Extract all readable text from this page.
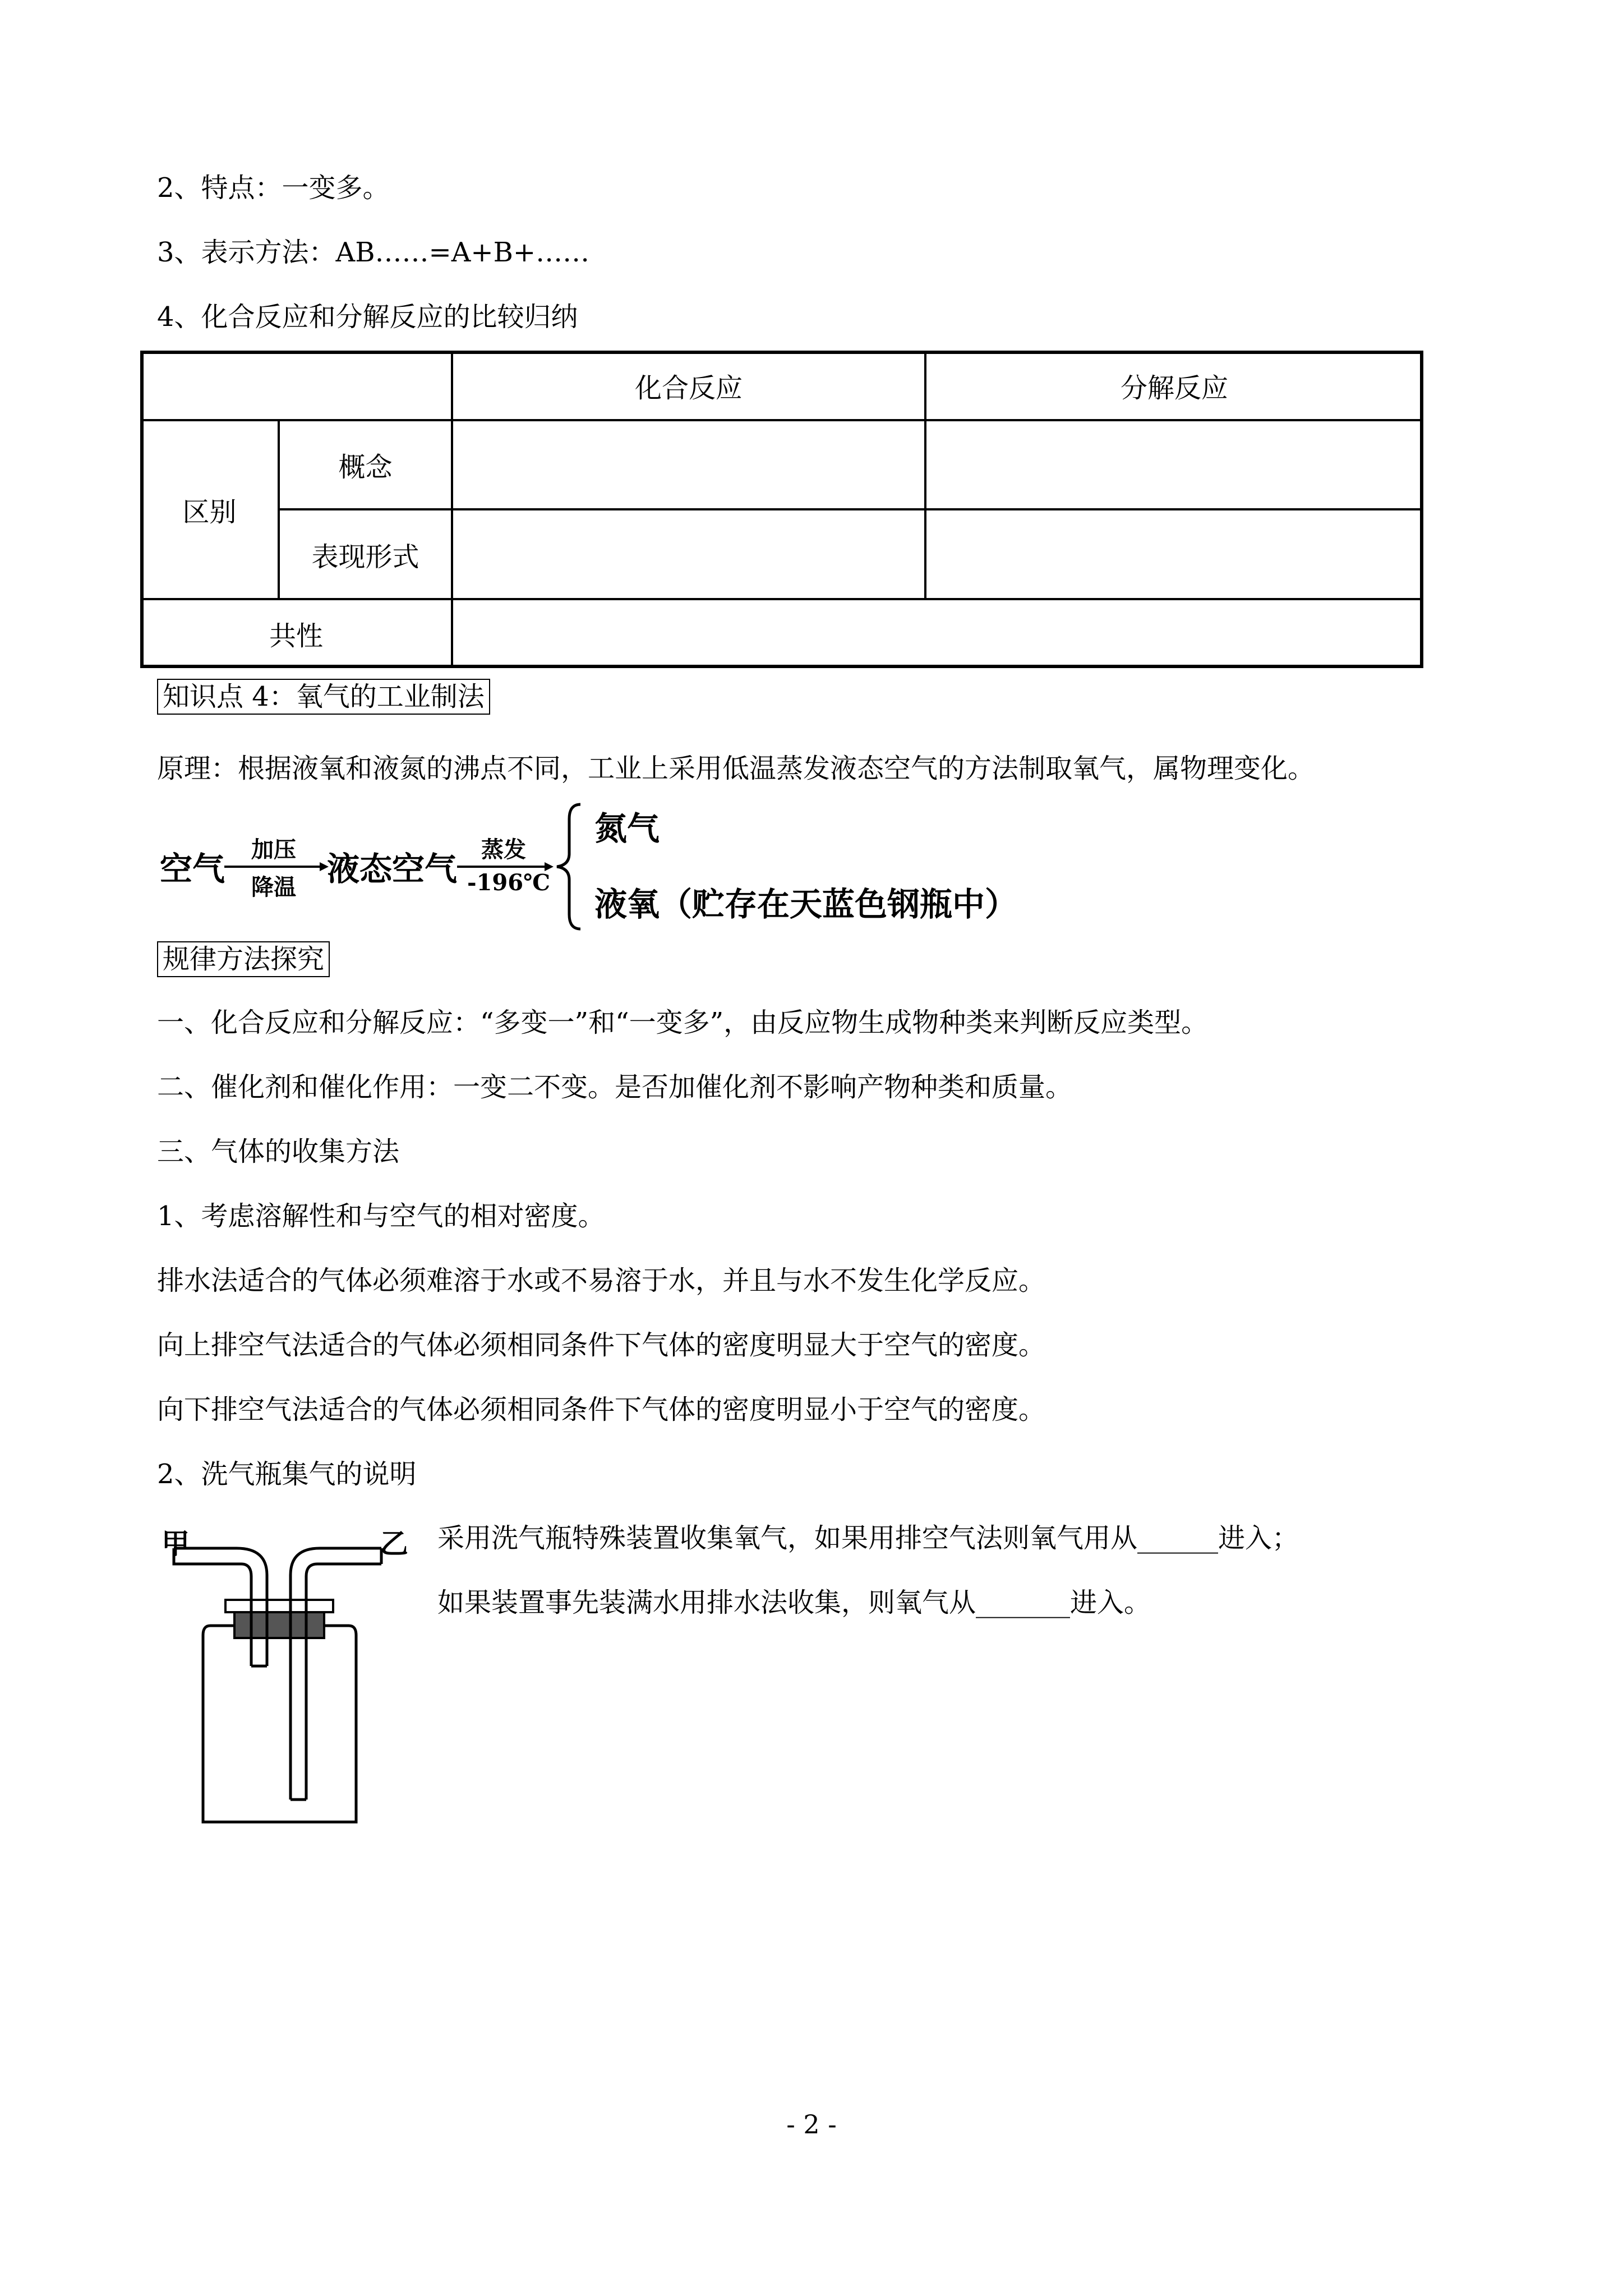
2、特点：一变多。
3、表示方法：AB……=A+B+……
4、化合反应和分解反应的比较归纳
化合反应	分解反应
区别
概念
表现形式
共性
知识点 4：氧气的工业制法
原理：根据液氧和液氮的沸点不同，工业上采用低温蒸发液态空气的方法制取氧气，属物理变化。
空气
加压
降温 液态空气
蒸发
-196℃
氮气
液氧（贮存在天蓝色钢瓶中）
规律方法探究
一、化合反应和分解反应：“多变一”和“一变多”，由反应物生成物种类来判断反应类型。
二、催化剂和催化作用：一变二不变。是否加催化剂不影响产物种类和质量。
三、气体的收集方法
1、考虑溶解性和与空气的相对密度。
排水法适合的气体必须难溶于水或不易溶于水，并且与水不发生化学反应。
向上排空气法适合的气体必须相同条件下气体的密度明显大于空气的密度。
向下排空气法适合的气体必须相同条件下气体的密度明显小于空气的密度。
2、洗气瓶集气的说明
甲	乙 采用洗气瓶特殊装置收集氧气，如果用排空气法则氧气用从______进入；
如果装置事先装满水用排水法收集，则氧气从_______进入。
- 2 -
